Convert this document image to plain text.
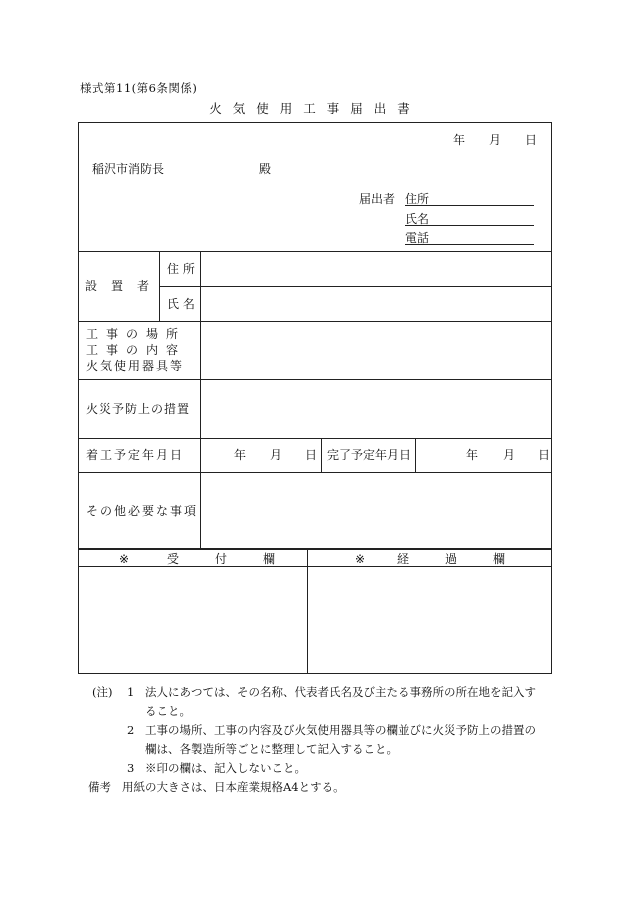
様式第11(第6条関係)
火気使用工事届出書
年 月 日
稲沢市消防長	殿
届出者 住所
氏名
電話
設置者
住 所
氏 名
工事の場所
工事の内容
火気使用器具等
火災予防上の措置
着工予定年月日	年 月 日 完了予定年月日	年 月 日
その他必要な事項
※	受付欄	※	経過欄
(注) 1 法人にあつては、その名称、代表者氏名及び主たる事務所の所在地を記入す
ること。
2 工事の場所、工事の内容及び火気使用器具等の欄並びに火災予防上の措置の
欄は、各製造所等ごとに整理して記入すること。
3 ※印の欄は、記入しないこと。
備考 用紙の大きさは、日本産業規格A4とする。
